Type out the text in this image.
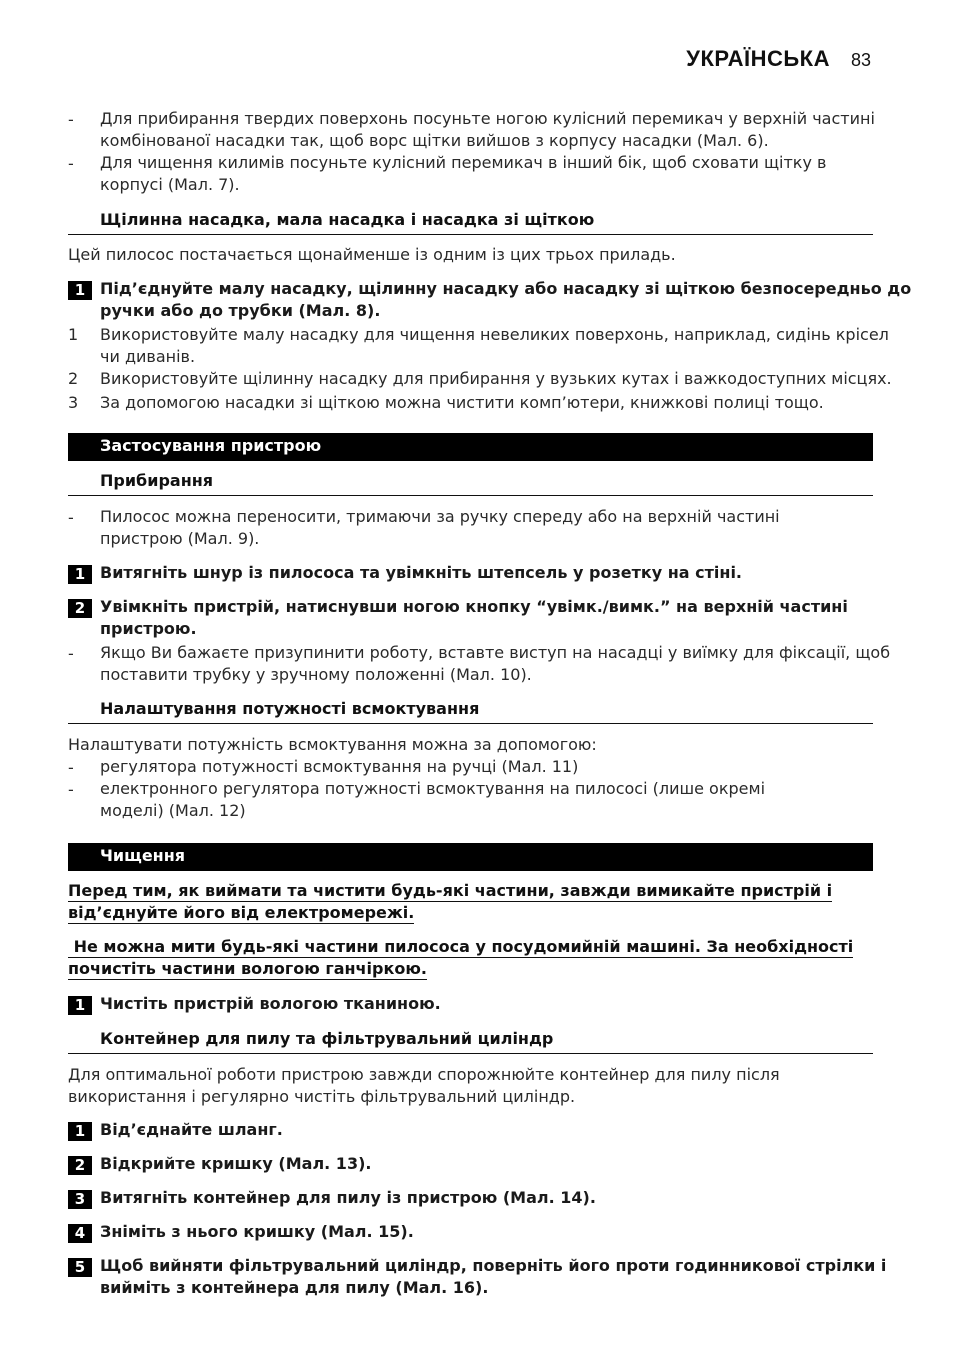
УКРАЇНСЬКА 83
- Для прибирання твердих поверхонь посуньте ногою кулісний перемикач у верхній частині
комбінованої насадки так, щоб ворс щітки вийшов з корпусу насадки (Мал. 6).
- Для чищення килимів посуньте кулісний перемикач в інший бік, щоб сховати щітку в
корпусі (Мал. 7).
Щілинна насадка, мала насадка і насадка зі щіткою
Цей пилосос постачається щонайменше із одним із цих трьох приладь.
1 Під’єднуйте малу насадку, щілинну насадку або насадку зі щіткою безпосередньо до
ручки або до трубки (Мал. 8).
1 Використовуйте малу насадку для чищення невеликих поверхонь, наприклад, сидінь крісел
чи диванів.
2 Використовуйте щілинну насадку для прибирання у вузьких кутах і важкодоступних місцях.
3 За допомогою насадки зі щіткою можна чистити комп’ютери, книжкові полиці тощо.
Застосування пристрою
Прибирання
- Пилосос можна переносити, тримаючи за ручку спереду або на верхній частині
пристрою (Мал. 9).
1 Витягніть шнур із пилососа та увімкніть штепсель у розетку на стіні.
2 Увімкніть пристрій, натиснувши ногою кнопку “увімк./вимк.” на верхній частині
пристрою.
- Якщо Ви бажаєте призупинити роботу, вставте виступ на насадці у виїмку для фіксації, щоб
поставити трубку у зручному положенні (Мал. 10).
Налаштування потужності всмоктування
Налаштувати потужність всмоктування можна за допомогою:
- регулятора потужності всмоктування на ручці (Мал. 11)
- електронного регулятора потужності всмоктування на пилососі (лише окремі
моделі) (Мал. 12)
Чищення
Перед тим, як виймати та чистити будь-які частини, завжди вимикайте пристрій і
від’єднуйте його від електромережі.
Не можна мити будь-які частини пилососа у посудомийній машині. За необхідності
почистіть частини вологою ганчіркою.
1 Чистіть пристрій вологою тканиною.
Контейнер для пилу та фільтрувальний циліндр
Для оптимальної роботи пристрою завжди спорожнюйте контейнер для пилу після
використання і регулярно чистіть фільтрувальний циліндр.
1 Від’єднайте шланг.
2 Відкрийте кришку (Мал. 13).
3 Витягніть контейнер для пилу із пристрою (Мал. 14).
4 Зніміть з нього кришку (Мал. 15).
5 Щоб вийняти фільтрувальний циліндр, поверніть його проти годинникової стрілки і
вийміть з контейнера для пилу (Мал. 16).
